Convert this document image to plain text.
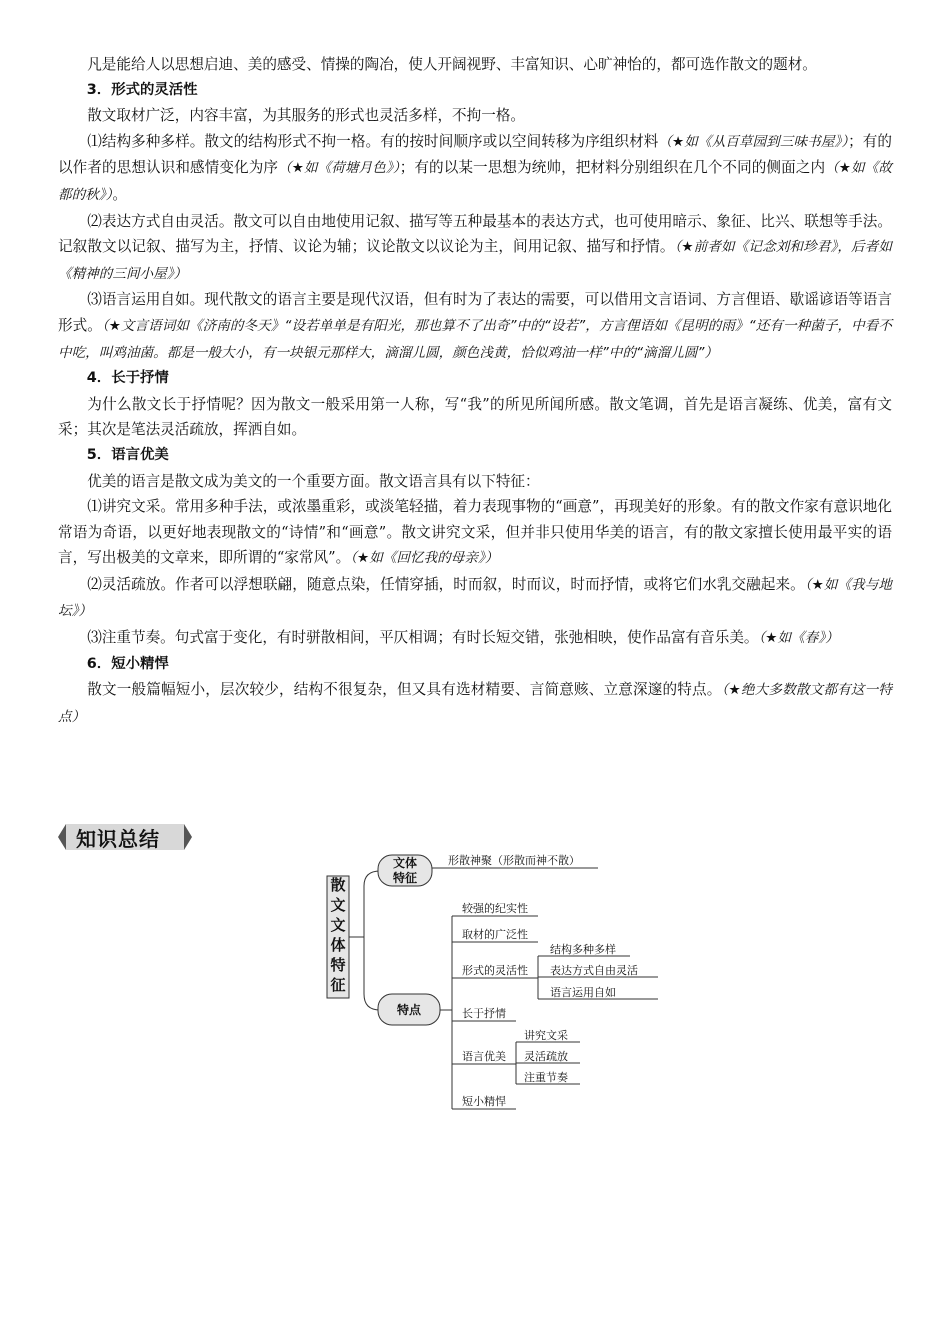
凡是能给人以思想启迪、美的感受、情操的陶冶，使人开阔视野、丰富知识、心旷神怡的，都可选作散文的题材。

3．形式的灵活性

散文取材广泛，内容丰富，为其服务的形式也灵活多样，不拘一格。

⑴结构多种多样。散文的结构形式不拘一格。有的按时间顺序或以空间转移为序组织材料（★如《从百草园到三味书屋》）；有的以作者的思想认识和感情变化为序（★如《荷塘月色》）；有的以某一思想为统帅，把材料分别组织在几个不同的侧面之内（★如《故都的秋》）。

⑵表达方式自由灵活。散文可以自由地使用记叙、描写等五种最基本的表达方式，也可使用暗示、象征、比兴、联想等手法。记叙散文以记叙、描写为主，抒情、议论为辅；议论散文以议论为主，间用记叙、描写和抒情。（★前者如《记念刘和珍君》，后者如《精神的三间小屋》）

⑶语言运用自如。现代散文的语言主要是现代汉语，但有时为了表达的需要，可以借用文言语词、方言俚语、歇谣谚语等语言形式。（★文言语词如《济南的冬天》“设若单单是有阳光，那也算不了出奇”中的“设若”，方言俚语如《昆明的雨》“还有一种菌子，中看不中吃，叫鸡油菌。都是一般大小，有一块银元那样大，滴溜儿圆，颜色浅黄，恰似鸡油一样”中的“滴溜儿圆”）

4．长于抒情

为什么散文长于抒情呢？因为散文一般采用第一人称，写“我”的所见所闻所感。散文笔调，首先是语言凝练、优美，富有文采；其次是笔法灵活疏放，挥洒自如。

5．语言优美

优美的语言是散文成为美文的一个重要方面。散文语言具有以下特征：

⑴讲究文采。常用多种手法，或浓墨重彩，或淡笔轻描，着力表现事物的“画意”，再现美好的形象。有的散文作家有意识地化常语为奇语，以更好地表现散文的“诗情”和“画意”。散文讲究文采，但并非只使用华美的语言，有的散文家擅长使用最平实的语言，写出极美的文章来，即所谓的“家常风”。（★如《回忆我的母亲》）

⑵灵活疏放。作者可以浮想联翩，随意点染，任情穿插，时而叙，时而议，时而抒情，或将它们水乳交融起来。（★如《我与地坛》）

⑶注重节奏。句式富于变化，有时骈散相间，平仄相调；有时长短交错，张弛相映，使作品富有音乐美。（★如《春》）

6．短小精悍

散文一般篇幅短小，层次较少，结构不很复杂，但又具有选材精要、言简意赅、立意深邃的特点。（★绝大多数散文都有这一特点）

知识总结
散文文体特征
文体
特征
特点
形散神聚（形散而神不散）
较强的纪实性
取材的广泛性
形式的灵活性
长于抒情
语言优美
短小精悍
结构多种多样
表达方式自由灵活
语言运用自如
讲究文采
灵活疏放
注重节奏
